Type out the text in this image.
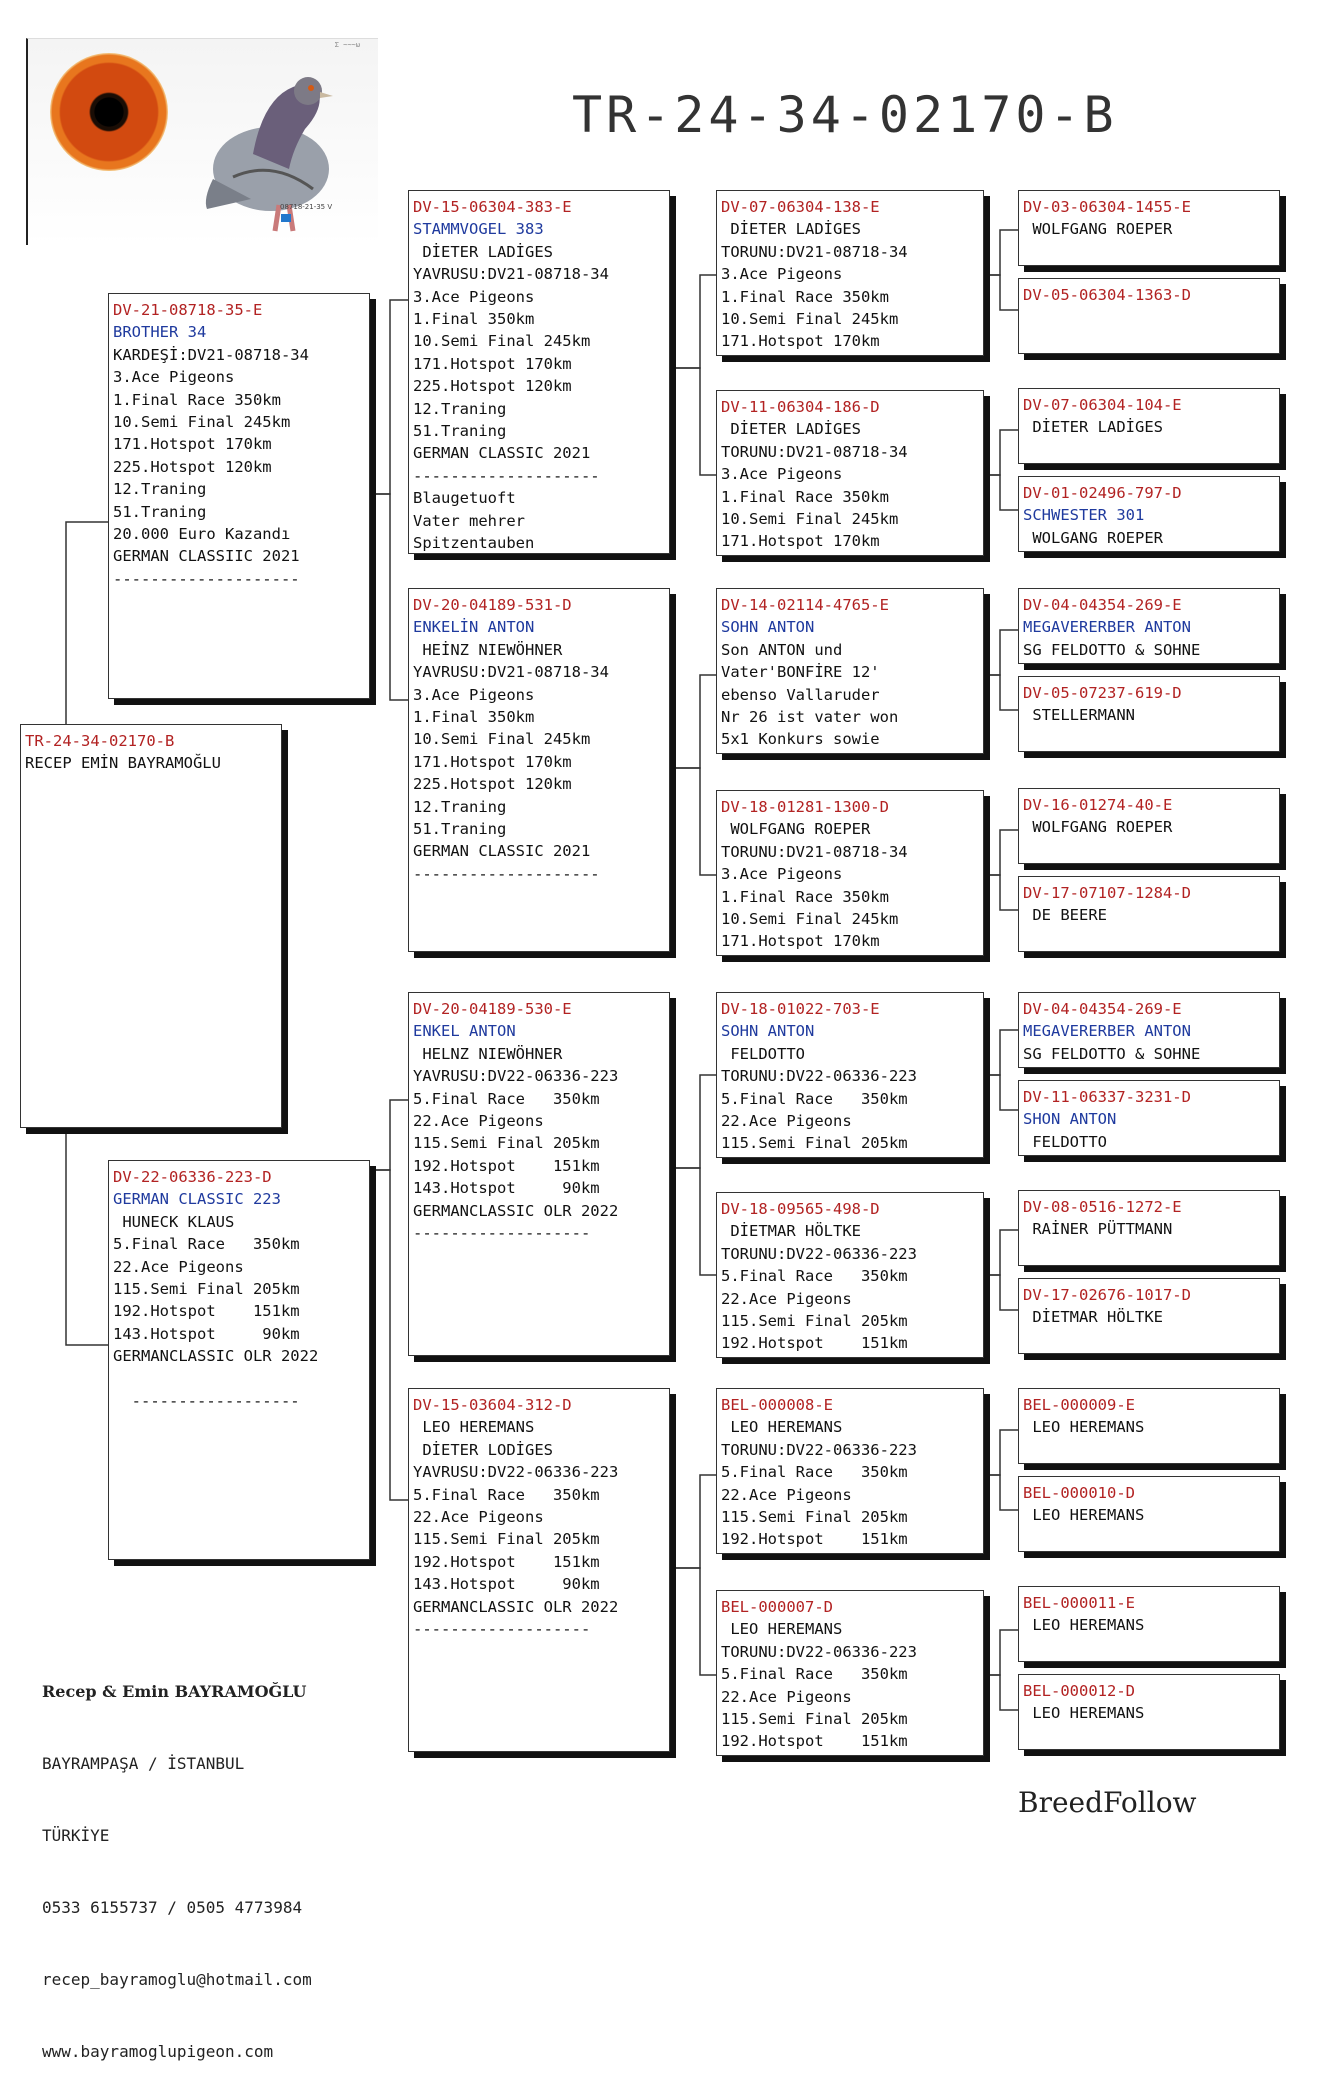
Σ ~~~ω
08718-21-35 V
TR-24-34-02170-B
TR-24-34-02170-B
RECEP EMİN BAYRAMOĞLU
DV-21-08718-35-E
BROTHER 34
KARDEŞİ:DV21-08718-34
3.Ace Pigeons
1.Final Race 350km
10.Semi Final 245km
171.Hotspot 170km
225.Hotspot 120km
12.Traning
51.Traning
20.000 Euro Kazandı
GERMAN CLASSIIC 2021
--------------------
DV-22-06336-223-D
GERMAN CLASSIC 223
HUNECK KLAUS
5.Final Race   350km
22.Ace Pigeons
115.Semi Final 205km
192.Hotspot    151km
143.Hotspot     90km
GERMANCLASSIC OLR 2022

------------------
DV-15-06304-383-E
STAMMVOGEL 383
DİETER LADİGES
YAVRUSU:DV21-08718-34
3.Ace Pigeons
1.Final 350km
10.Semi Final 245km
171.Hotspot 170km
225.Hotspot 120km
12.Traning
51.Traning
GERMAN CLASSIC 2021
--------------------
Blaugetuoft
Vater mehrer
Spitzentauben
DV-20-04189-531-D
ENKELİN ANTON
HEİNZ NIEWÖHNER
YAVRUSU:DV21-08718-34
3.Ace Pigeons
1.Final 350km
10.Semi Final 245km
171.Hotspot 170km
225.Hotspot 120km
12.Traning
51.Traning
GERMAN CLASSIC 2021
--------------------
DV-20-04189-530-E
ENKEL ANTON
HELNZ NIEWÖHNER
YAVRUSU:DV22-06336-223
5.Final Race   350km
22.Ace Pigeons
115.Semi Final 205km
192.Hotspot    151km
143.Hotspot     90km
GERMANCLASSIC OLR 2022
-------------------
DV-15-03604-312-D
LEO HEREMANS
DİETER LODİGES
YAVRUSU:DV22-06336-223
5.Final Race   350km
22.Ace Pigeons
115.Semi Final 205km
192.Hotspot    151km
143.Hotspot     90km
GERMANCLASSIC OLR 2022
-------------------
DV-07-06304-138-E
DİETER LADİGES
TORUNU:DV21-08718-34
3.Ace Pigeons
1.Final Race 350km
10.Semi Final 245km
171.Hotspot 170km
DV-11-06304-186-D
DİETER LADİGES
TORUNU:DV21-08718-34
3.Ace Pigeons
1.Final Race 350km
10.Semi Final 245km
171.Hotspot 170km
DV-14-02114-4765-E
SOHN ANTON
Son ANTON und
Vater'BONFİRE 12'
ebenso Vallaruder
Nr 26 ist vater won
5x1 Konkurs sowie
DV-18-01281-1300-D
WOLFGANG ROEPER
TORUNU:DV21-08718-34
3.Ace Pigeons
1.Final Race 350km
10.Semi Final 245km
171.Hotspot 170km
DV-18-01022-703-E
SOHN ANTON
FELDOTTO
TORUNU:DV22-06336-223
5.Final Race   350km
22.Ace Pigeons
115.Semi Final 205km
DV-18-09565-498-D
DİETMAR HÖLTKE
TORUNU:DV22-06336-223
5.Final Race   350km
22.Ace Pigeons
115.Semi Final 205km
192.Hotspot    151km
BEL-000008-E
LEO HEREMANS
TORUNU:DV22-06336-223
5.Final Race   350km
22.Ace Pigeons
115.Semi Final 205km
192.Hotspot    151km
BEL-000007-D
LEO HEREMANS
TORUNU:DV22-06336-223
5.Final Race   350km
22.Ace Pigeons
115.Semi Final 205km
192.Hotspot    151km
DV-03-06304-1455-E
WOLFGANG ROEPER
DV-05-06304-1363-D
DV-07-06304-104-E
DİETER LADİGES
DV-01-02496-797-D
SCHWESTER 301
WOLGANG ROEPER
DV-04-04354-269-E
MEGAVERERBER ANTON
SG FELDOTTO & SOHNE
DV-05-07237-619-D
STELLERMANN
DV-16-01274-40-E
WOLFGANG ROEPER
DV-17-07107-1284-D
DE BEERE
DV-04-04354-269-E
MEGAVERERBER ANTON
SG FELDOTTO & SOHNE
DV-11-06337-3231-D
SHON ANTON
FELDOTTO
DV-08-0516-1272-E
RAİNER PÜTTMANN
DV-17-02676-1017-D
DİETMAR HÖLTKE
BEL-000009-E
LEO HEREMANS
BEL-000010-D
LEO HEREMANS
BEL-000011-E
LEO HEREMANS
BEL-000012-D
LEO HEREMANS

Recep & Emin BAYRAMOĞLU

BAYRAMPAŞA / İSTANBUL

TÜRKİYE

0533 6155737 / 0505 4773984

recep_bayramoglu@hotmail.com

www.bayramoglupigeon.com

BreedFollow
